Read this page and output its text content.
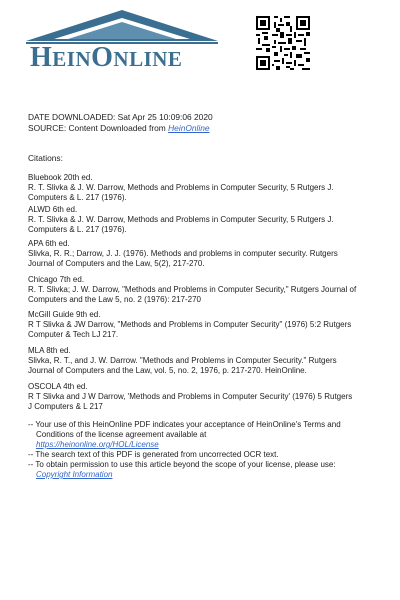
HEINONLINE
DATE DOWNLOADED: Sat Apr 25 10:09:06 2020
SOURCE: Content Downloaded from HeinOnline
Citations:
Bluebook 20th ed.
R. T. Slivka & J. W. Darrow, Methods and Problems in Computer Security, 5 Rutgers J. Computers & L. 217 (1976).
ALWD 6th ed.
R. T. Slivka & J. W. Darrow, Methods and Problems in Computer Security, 5 Rutgers J. Computers & L. 217 (1976).
APA 6th ed.
Slivka, R. R.; Darrow, J. J. (1976). Methods and problems in computer security. Rutgers Journal of Computers and the Law, 5(2), 217-270.
Chicago 7th ed.
R. T. Slivka; J. W. Darrow, "Methods and Problems in Computer Security," Rutgers Journal of Computers and the Law 5, no. 2 (1976): 217-270
McGill Guide 9th ed.
R T Slivka & JW Darrow, "Methods and Problems in Computer Security" (1976) 5:2 Rutgers Computer & Tech LJ 217.
MLA 8th ed.
Slivka, R. T., and J. W. Darrow. "Methods and Problems in Computer Security." Rutgers Journal of Computers and the Law, vol. 5, no. 2, 1976, p. 217-270. HeinOnline.
OSCOLA 4th ed.
R T Slivka and J W Darrow, 'Methods and Problems in Computer Security' (1976) 5 Rutgers J Computers & L 217
-- Your use of this HeinOnline PDF indicates your acceptance of HeinOnline's Terms and
Conditions of the license agreement available at
https://heinonline.org/HOL/License
-- The search text of this PDF is generated from uncorrected OCR text.
-- To obtain permission to use this article beyond the scope of your license, please use:
Copyright Information
